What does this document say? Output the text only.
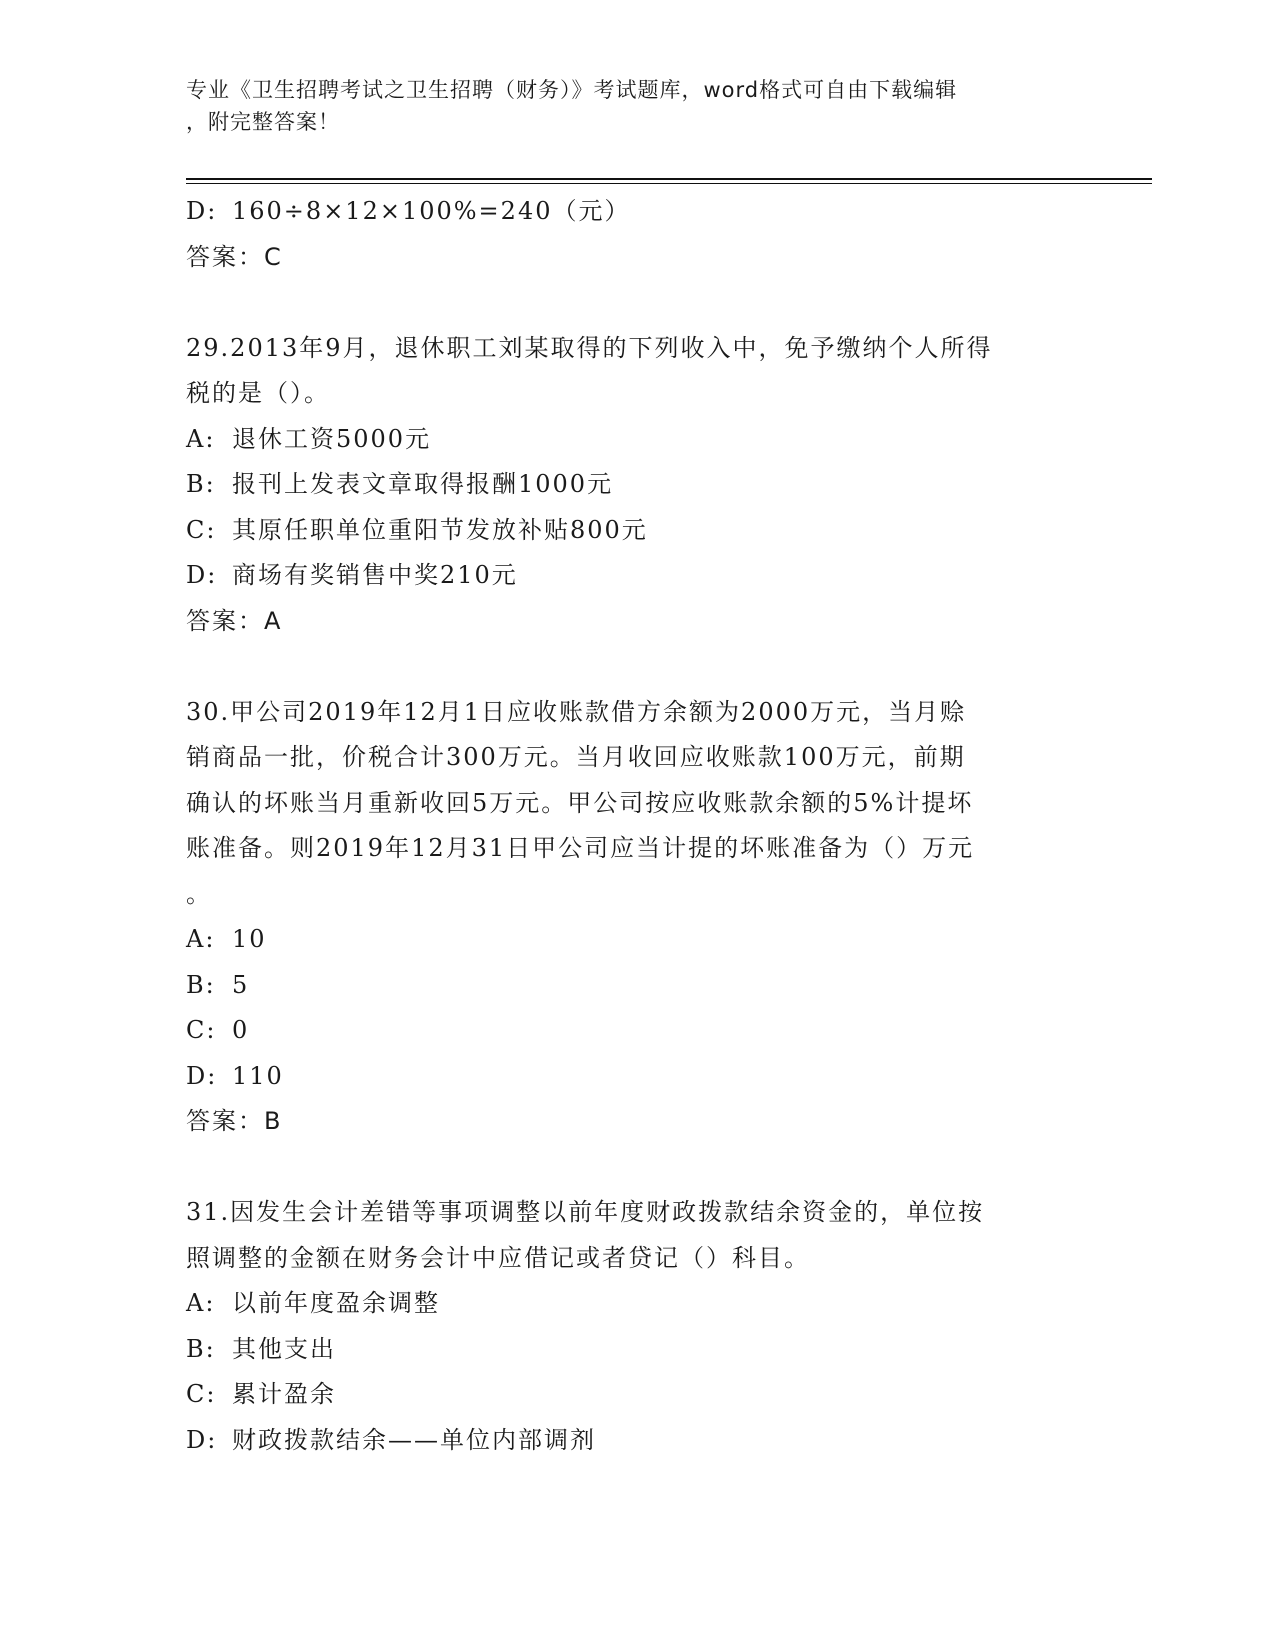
专业《卫生招聘考试之卫生招聘（财务）》考试题库，word格式可自由下载编辑
，附完整答案！
D: 160÷8×12×100%=240（元）
答案：C
29.2013年9月，退休职工刘某取得的下列收入中，免予缴纳个人所得
税的是（）。
A: 退休工资5000元
B: 报刊上发表文章取得报酬1000元
C: 其原任职单位重阳节发放补贴800元
D: 商场有奖销售中奖210元
答案：A
30.甲公司2019年12月1日应收账款借方余额为2000万元，当月赊
销商品一批，价税合计300万元。当月收回应收账款100万元，前期
确认的坏账当月重新收回5万元。甲公司按应收账款余额的5%计提坏
账准备。则2019年12月31日甲公司应当计提的坏账准备为（）万元
。
A: 10
B: 5
C: 0
D: 110
答案：B
31.因发生会计差错等事项调整以前年度财政拨款结余资金的，单位按
照调整的金额在财务会计中应借记或者贷记（）科目。
A: 以前年度盈余调整
B: 其他支出
C: 累计盈余
D: 财政拨款结余——单位内部调剂
